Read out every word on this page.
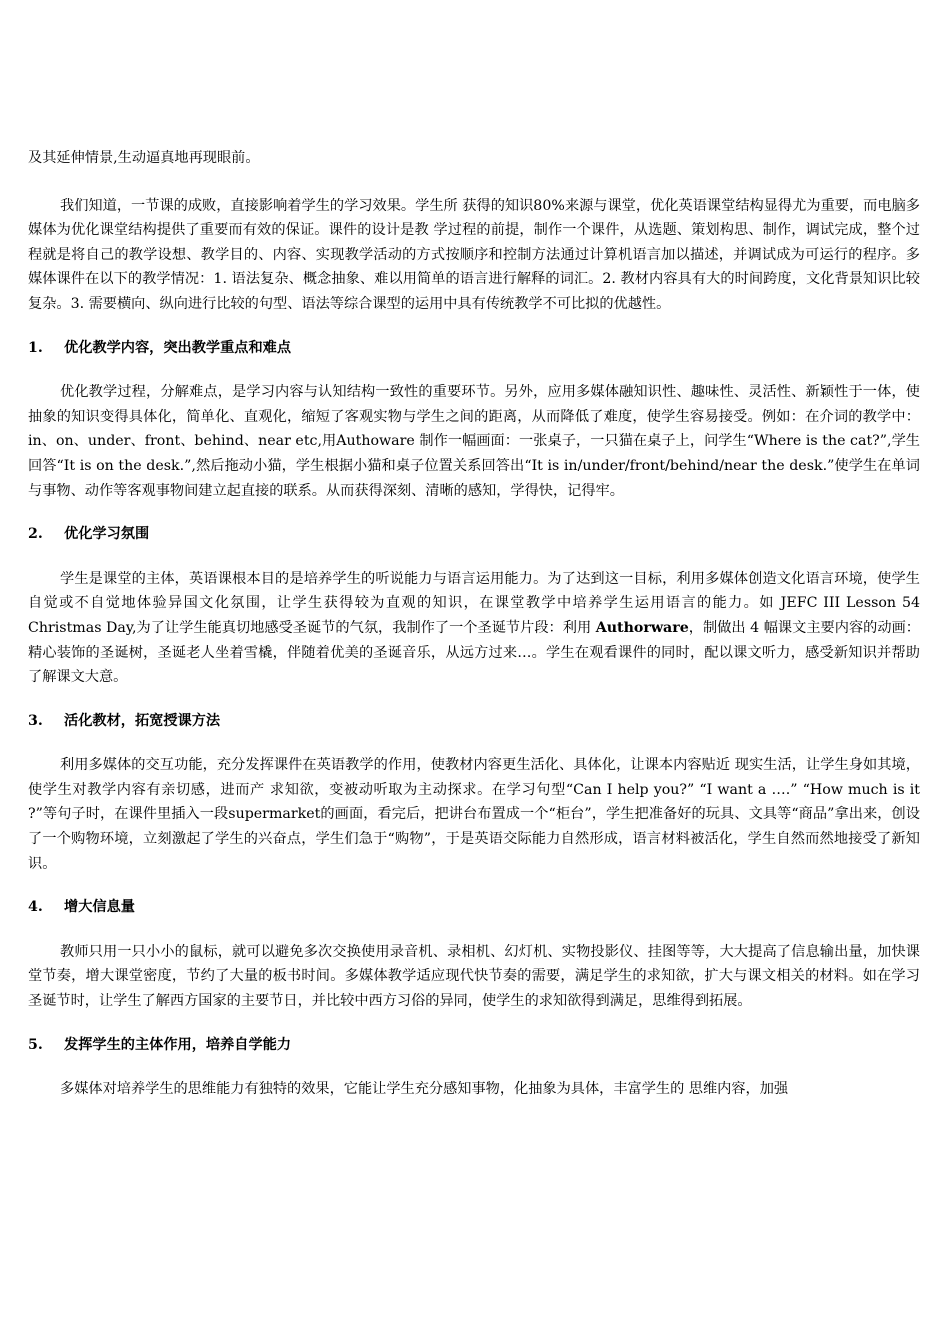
及其延伸情景,生动逼真地再现眼前。

我们知道，一节课的成败，直接影响着学生的学习效果。学生所 获得的知识80%来源与课堂，优化英语课堂结构显得尤为重要，而电脑多媒体为优化课堂结构提供了重要而有效的保证。课件的设计是教 学过程的前提，制作一个课件，从选题、策划构思、制作，调试完成，整个过程就是将自己的教学设想、教学目的、内容、实现教学活动的方式按顺序和控制方法通过计算机语言加以描述，并调试成为可运行的程序。多媒体课件在以下的教学情况：1. 语法复杂、概念抽象、难以用简单的语言进行解释的词汇。2. 教材内容具有大的时间跨度，文化背景知识比较复杂。3. 需要横向、纵向进行比较的句型、语法等综合课型的运用中具有传统教学不可比拟的优越性。

1. 优化教学内容，突出教学重点和难点

优化教学过程，分解难点，是学习内容与认知结构一致性的重要环节。另外，应用多媒体融知识性、趣味性、灵活性、新颖性于一体，使抽象的知识变得具体化，简单化、直观化，缩短了客观实物与学生之间的距离，从而降低了难度，使学生容易接受。例如：在介词的教学中：in、on、under、front、behind、near etc,用Authoware 制作一幅画面：一张桌子，一只猫在桌子上，问学生“Where is the cat?”,学生回答“It is on the desk.”,然后拖动小猫，学生根据小猫和桌子位置关系回答出“It is in/under/front/behind/near the desk.”使学生在单词与事物、动作等客观事物间建立起直接的联系。从而获得深刻、清晰的感知，学得快，记得牢。

2. 优化学习氛围

学生是课堂的主体，英语课根本目的是培养学生的听说能力与语言运用能力。为了达到这一目标，利用多媒体创造文化语言环境，使学生自觉或不自觉地体验异国文化氛围，让学生获得较为直观的知识，在课堂教学中培养学生运用语言的能力。如 JEFC III Lesson 54 Christmas Day,为了让学生能真切地感受圣诞节的气氛，我制作了一个圣诞节片段：利用 Authorware，制做出 4 幅课文主要内容的动画：精心装饰的圣诞树，圣诞老人坐着雪橇，伴随着优美的圣诞音乐，从远方过来…。学生在观看课件的同时，配以课文听力，感受新知识并帮助了解课文大意。

3. 活化教材，拓宽授课方法

利用多媒体的交互功能，充分发挥课件在英语教学的作用，使教材内容更生活化、具体化，让课本内容贴近 现实生活，让学生身如其境，使学生对教学内容有亲切感，进而产 求知欲，变被动听取为主动探求。在学习句型“Can I help you?” “I want a ….” “How much is it ?”等句子时，在课件里插入一段supermarket的画面，看完后，把讲台布置成一个“柜台”，学生把准备好的玩具、文具等“商品”拿出来，创设了一个购物环境，立刻激起了学生的兴奋点，学生们急于“购物”，于是英语交际能力自然形成，语言材料被活化，学生自然而然地接受了新知识。

4. 增大信息量

教师只用一只小小的鼠标，就可以避免多次交换使用录音机、录相机、幻灯机、实物投影仪、挂图等等，大大提高了信息输出量，加快课堂节奏，增大课堂密度，节约了大量的板书时间。多媒体教学适应现代快节奏的需要，满足学生的求知欲，扩大与课文相关的材料。如在学习圣诞节时，让学生了解西方国家的主要节日，并比较中西方习俗的异同，使学生的求知欲得到满足，思维得到拓展。

5. 发挥学生的主体作用，培养自学能力

多媒体对培养学生的思维能力有独特的效果，它能让学生充分感知事物，化抽象为具体，丰富学生的 思维内容，加强
